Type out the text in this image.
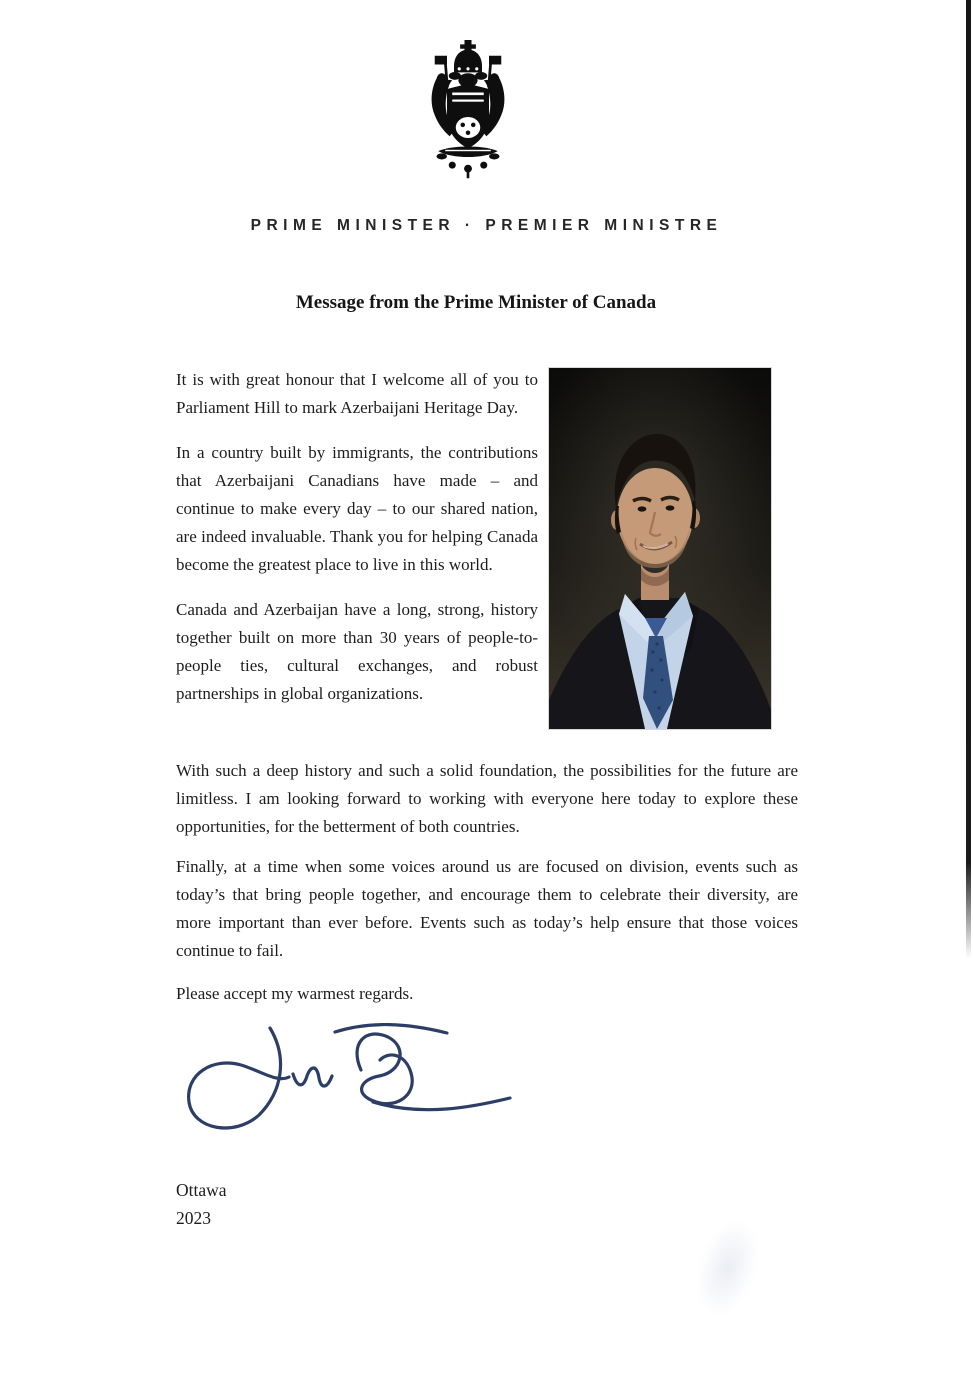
PRIME MINISTER · PREMIER MINISTRE
Message from the Prime Minister of Canada

It is with great honour that I welcome all of you to Parliament Hill to mark Azerbaijani Heritage Day.

In a country built by immigrants, the contributions that Azerbaijani Canadians have made – and continue to make every day – to our shared nation, are indeed invaluable. Thank you for helping Canada become the greatest place to live in this world.

Canada and Azerbaijan have a long, strong, history together built on more than 30 years of people-to-people ties, cultural exchanges, and robust partnerships in global organizations.

With such a deep history and such a solid foundation, the possibilities for the future are limitless. I am looking forward to working with everyone here today to explore these opportunities, for the betterment of both countries.

Finally, at a time when some voices around us are focused on division, events such as today’s that bring people together, and encourage them to celebrate their diversity, are more important than ever before. Events such as today’s help ensure that those voices continue to fail.

Please accept my warmest regards.
Ottawa
2023
